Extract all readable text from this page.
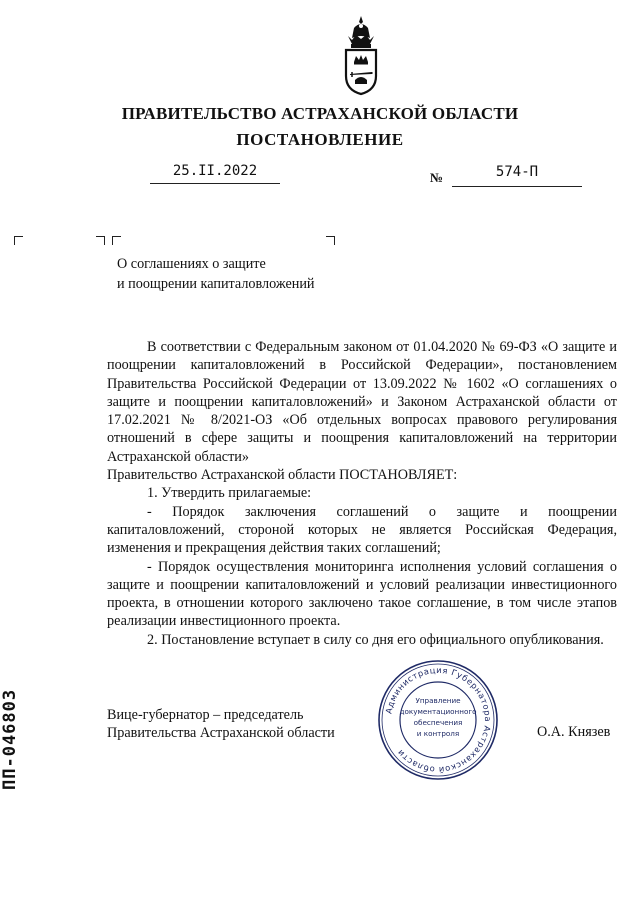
ПРАВИТЕЛЬСТВО АСТРАХАНСКОЙ ОБЛАСТИ
ПОСТАНОВЛЕНИЕ
25.II.2022	№	574-П
О соглашениях о защите
и поощрении капиталовложений

В соответствии с Федеральным законом от 01.04.2020 № 69-ФЗ «О защите и поощрении капиталовложений в Российской Федерации», постановлением Правительства Российской Федерации от 13.09.2022 № 1602 «О соглашениях о защите и поощрении капиталовложений» и Законом Астраханской области от 17.02.2021 № 8/2021-ОЗ «Об отдельных вопросах правового регулирования отношений в сфере защиты и поощрения капиталовложений на территории Астраханской области»

Правительство Астраханской области ПОСТАНОВЛЯЕТ:

1. Утвердить прилагаемые:

- Порядок заключения соглашений о защите и поощрении капиталовложений, стороной которых не является Российская Федерация, изменения и прекращения действия таких соглашений;

- Порядок осуществления мониторинга исполнения условий соглашения о защите и поощрении капиталовложений и условий реализации инвестиционного проекта, в отношении которого заключено такое соглашение, в том числе этапов реализации инвестиционного проекта.

2. Постановление вступает в силу со дня его официального опубликования.

Вице-губернатор – председатель
Правительства Астраханской области	О.А. Князев
Администрация Губернатора Астраханской области
Управление
документационного
обеспечения
и контроля
ПП-046803
